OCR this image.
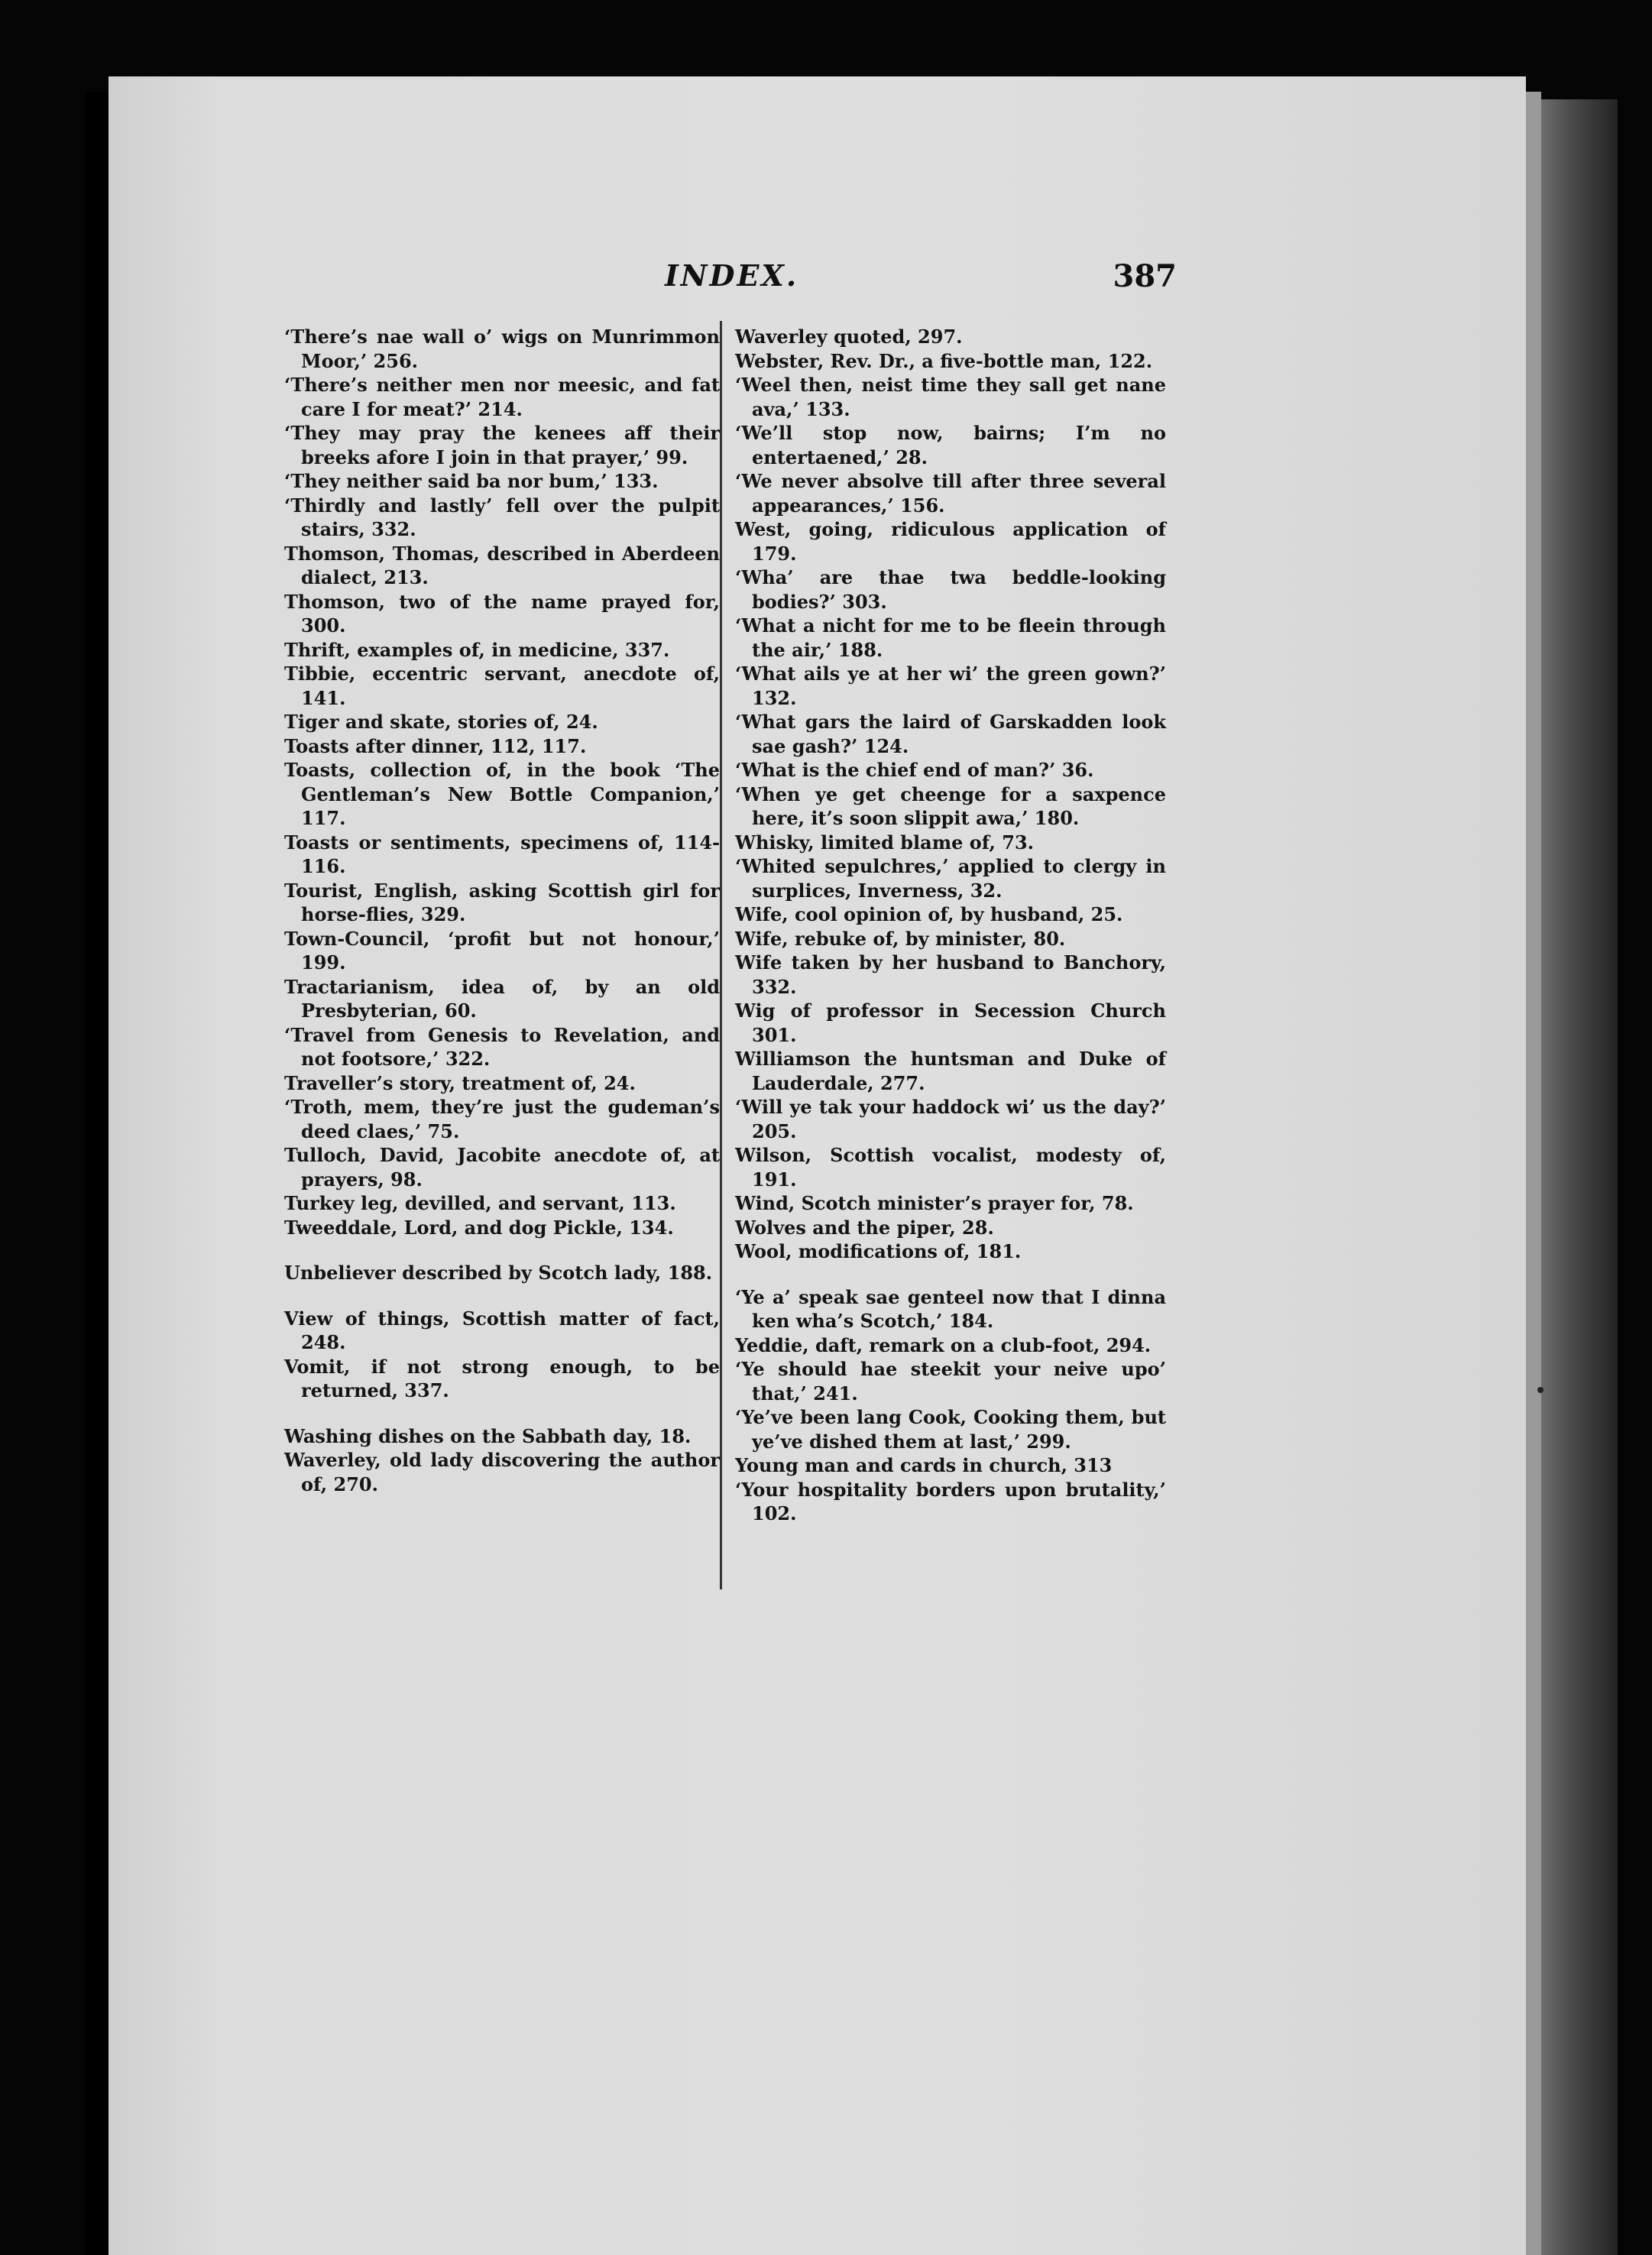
INDEX.	387

‘There’s nae wall o’ wigs on Munrimmon Moor,’ 256.

‘There’s neither men nor meesic, and fat care I for meat?’ 214.

‘They may pray the kenees aff their breeks afore I join in that prayer,’ 99.

‘They neither said ba nor bum,’ 133.

‘Thirdly and lastly’ fell over the pulpit stairs, 332.

Thomson, Thomas, described in Aberdeen dialect, 213.

Thomson, two of the name prayed for, 300.

Thrift, examples of, in medicine, 337.

Tibbie, eccentric servant, anecdote of, 141.

Tiger and skate, stories of, 24.

Toasts after dinner, 112, 117.

Toasts, collection of, in the book ‘The Gentleman’s New Bottle Companion,’ 117.

Toasts or sentiments, specimens of, 114-116.

Tourist, English, asking Scottish girl for horse-flies, 329.

Town-Council, ‘profit but not honour,’ 199.

Tractarianism, idea of, by an old Presbyterian, 60.

‘Travel from Genesis to Revelation, and not footsore,’ 322.

Traveller’s story, treatment of, 24.

‘Troth, mem, they’re just the gudeman’s deed claes,’ 75.

Tulloch, David, Jacobite anecdote of, at prayers, 98.

Turkey leg, devilled, and servant, 113.

Tweeddale, Lord, and dog Pickle, 134.

Unbeliever described by Scotch lady, 188.

View of things, Scottish matter of fact, 248.

Vomit, if not strong enough, to be returned, 337.

Washing dishes on the Sabbath day, 18.

Waverley, old lady discovering the author of, 270.

Waverley quoted, 297.

Webster, Rev. Dr., a five-bottle man, 122.

‘Weel then, neist time they sall get nane ava,’ 133.

‘We’ll stop now, bairns; I’m no entertaened,’ 28.

‘We never absolve till after three several appearances,’ 156.

West, going, ridiculous application of 179.

‘Wha’ are thae twa beddle-looking bodies?’ 303.

‘What a nicht for me to be fleein through the air,’ 188.

‘What ails ye at her wi’ the green gown?’ 132.

‘What gars the laird of Garskadden look sae gash?’ 124.

‘What is the chief end of man?’ 36.

‘When ye get cheenge for a saxpence here, it’s soon slippit awa,’ 180.

Whisky, limited blame of, 73.

‘Whited sepulchres,’ applied to clergy in surplices, Inverness, 32.

Wife, cool opinion of, by husband, 25.

Wife, rebuke of, by minister, 80.

Wife taken by her husband to Banchory, 332.

Wig of professor in Secession Church 301.

Williamson the huntsman and Duke of Lauderdale, 277.

‘Will ye tak your haddock wi’ us the day?’ 205.

Wilson, Scottish vocalist, modesty of, 191.

Wind, Scotch minister’s prayer for, 78.

Wolves and the piper, 28.

Wool, modifications of, 181.

‘Ye a’ speak sae genteel now that I dinna ken wha’s Scotch,’ 184.

Yeddie, daft, remark on a club-foot, 294.

‘Ye should hae steekit your neive upo’ that,’ 241.

‘Ye’ve been lang Cook, Cooking them, but ye’ve dished them at last,’ 299.

Young man and cards in church, 313

‘Your hospitality borders upon brutality,’ 102.
